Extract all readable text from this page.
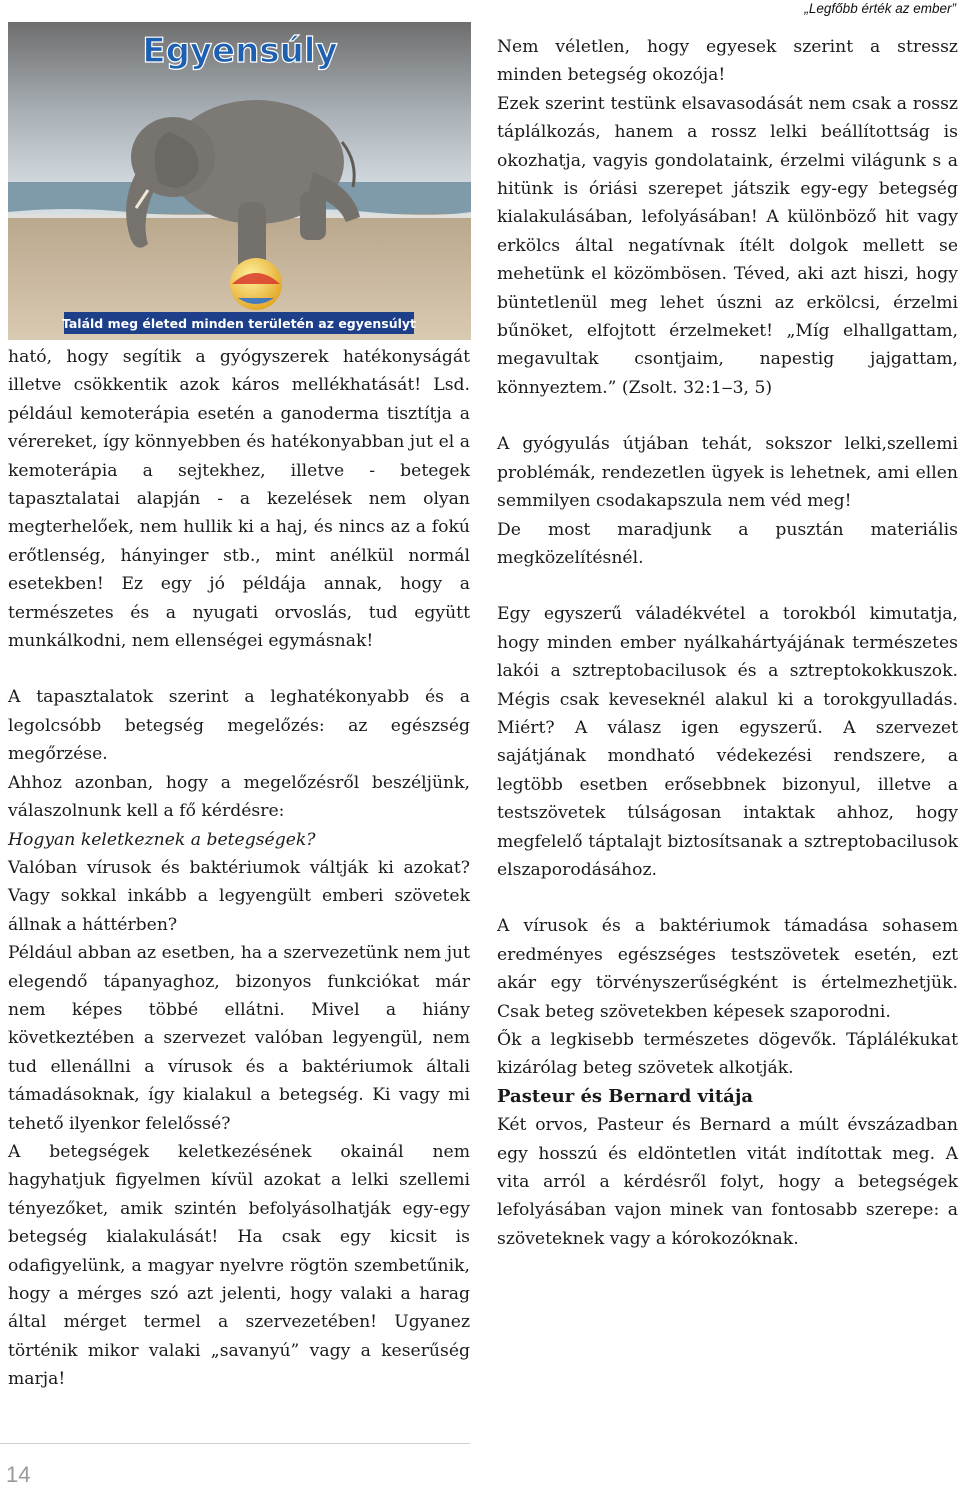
„Legfőbb érték az ember”
Egyensúly
Találd meg életed minden területén az egyensúlyt

ható, hogy segítik a gyógyszerek hatékonyságát illetve csökkentik azok káros mellékhatását! Lsd. például kemoterápia esetén a ganoderma tisztítja a vérereket, így könnyebben és hatékonyabban jut el a kemoterápia a sejtekhez, illetve - betegek tapasztalatai alapján - a kezelések nem olyan megterhelőek, nem hullik ki a haj, és nincs az a fokú erőtlenség, hányinger stb., mint anélkül normál esetekben! Ez egy jó példája annak, hogy a természetes és a nyugati orvoslás, tud együtt munkálkodni, nem ellenségei egymásnak!

A tapasztalatok szerint a leghatékonyabb és a legolcsóbb betegség megelőzés: az egészség megőrzése.

Ahhoz azonban, hogy a megelőzésről beszéljünk, válaszolnunk kell a fő kérdésre:

Hogyan keletkeznek a betegségek?

Valóban vírusok és baktériumok váltják ki azokat? Vagy sokkal inkább a legyengült emberi szövetek állnak a háttérben?

Például abban az esetben, ha a szervezetünk nem jut elegendő tápanyaghoz, bizonyos funkciókat már nem képes többé ellátni. Mivel a hiány következtében a szervezet valóban legyengül, nem tud ellenállni a vírusok és a baktériumok általi támadásoknak, így kialakul a betegség. Ki vagy mi tehető ilyenkor felelőssé?

A betegségek keletkezésének okainál nem hagyhatjuk figyelmen kívül azokat a lelki szellemi tényezőket, amik szintén befolyásolhatják egy-egy betegség kialakulását! Ha csak egy kicsit is odafigyelünk, a magyar nyelvre rögtön szembetűnik, hogy a mérges szó azt jelenti, hogy valaki a harag által mérget termel a szervezetében! Ugyanez történik mikor valaki „savanyú” vagy a keserűség marja!

Nem véletlen, hogy egyesek szerint a stressz minden betegség okozója!

Ezek szerint testünk elsavasodását nem csak a rossz táplálkozás, hanem a rossz lelki beállítottság is okozhatja, vagyis gondolataink, érzelmi világunk s a hitünk is óriási szerepet játszik egy-egy betegség kialakulásában, lefolyásában! A különböző hit vagy erkölcs által negatívnak ítélt dolgok mellett se mehetünk el közömbösen. Téved, aki azt hiszi, hogy büntetlenül meg lehet úszni az erkölcsi, érzelmi bűnöket, elfojtott érzelmeket! „Míg elhallgattam, megavultak csontjaim, napestig jajgattam, könnyeztem.” (Zsolt. 32:1‒3, 5)

A gyógyulás útjában tehát, sokszor lelki,szellemi problémák, rendezetlen ügyek is lehetnek, ami ellen semmilyen csodakapszula nem véd meg!

De most maradjunk a pusztán materiális megközelítésnél.

Egy egyszerű váladékvétel a torokból kimutatja, hogy minden ember nyálkahártyájának természetes lakói a sztreptobacilusok és a sztreptokokkuszok. Mégis csak keveseknél alakul ki a torokgyulladás. Miért? A válasz igen egyszerű. A szervezet sajátjának mondható védekezési rendszere, a legtöbb esetben erősebbnek bizonyul, illetve a testszövetek túlságosan intaktak ahhoz, hogy megfelelő táptalajt biztosítsanak a sztreptobacilusok elszaporodásához.

A vírusok és a baktériumok támadása sohasem eredményes egészséges testszövetek esetén, ezt akár egy törvényszerűségként is értelmezhetjük. Csak beteg szövetekben képesek szaporodni.

Ők a legkisebb természetes dögevők. Táplálékukat kizárólag beteg szövetek alkotják.

Pasteur és Bernard vitája

Két orvos, Pasteur és Bernard a múlt évszázadban egy hosszú és eldöntetlen vitát indítottak meg. A vita arról a kérdésről folyt, hogy a betegségek lefolyásában vajon minek van fontosabb szerepe: a szöveteknek vagy a kórokozóknak.

14
